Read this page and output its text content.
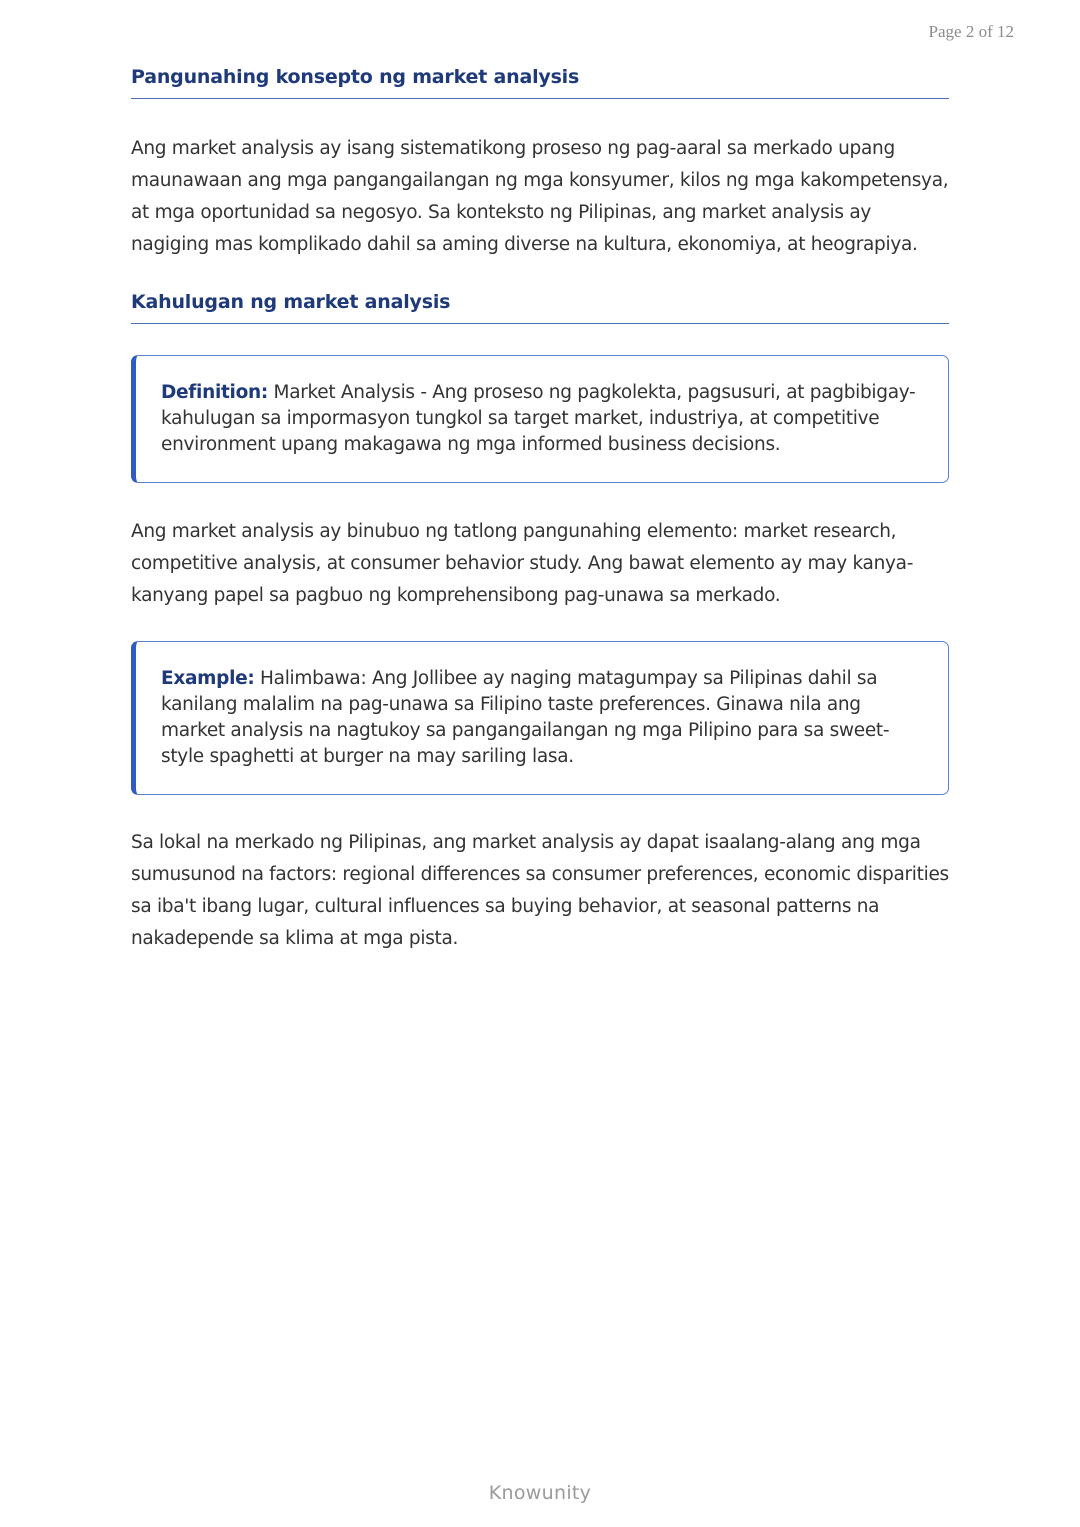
Page 2 of 12
Pangunahing konsepto ng market analysis

Ang market analysis ay isang sistematikong proseso ng pag-aaral sa merkado upang maunawaan ang mga pangangailangan ng mga konsyumer, kilos ng mga kakompetensya, at mga oportunidad sa negosyo. Sa konteksto ng Pilipinas, ang market analysis ay nagiging mas komplikado dahil sa aming diverse na kultura, ekonomiya, at heograpiya.

Kahulugan ng market analysis

Definition: Market Analysis - Ang proseso ng pagkolekta, pagsusuri, at pagbibigay-kahulugan sa impormasyon tungkol sa target market, industriya, at competitive environment upang makagawa ng mga informed business decisions.

Ang market analysis ay binubuo ng tatlong pangunahing elemento: market research, competitive analysis, at consumer behavior study. Ang bawat elemento ay may kanya-kanyang papel sa pagbuo ng komprehensibong pag-unawa sa merkado.

Example: Halimbawa: Ang Jollibee ay naging matagumpay sa Pilipinas dahil sa kanilang malalim na pag-unawa sa Filipino taste preferences. Ginawa nila ang market analysis na nagtukoy sa pangangailangan ng mga Pilipino para sa sweet-style spaghetti at burger na may sariling lasa.

Sa lokal na merkado ng Pilipinas, ang market analysis ay dapat isaalang-alang ang mga sumusunod na factors: regional differences sa consumer preferences, economic disparities sa iba't ibang lugar, cultural influences sa buying behavior, at seasonal patterns na nakadepende sa klima at mga pista.

Knowunity
